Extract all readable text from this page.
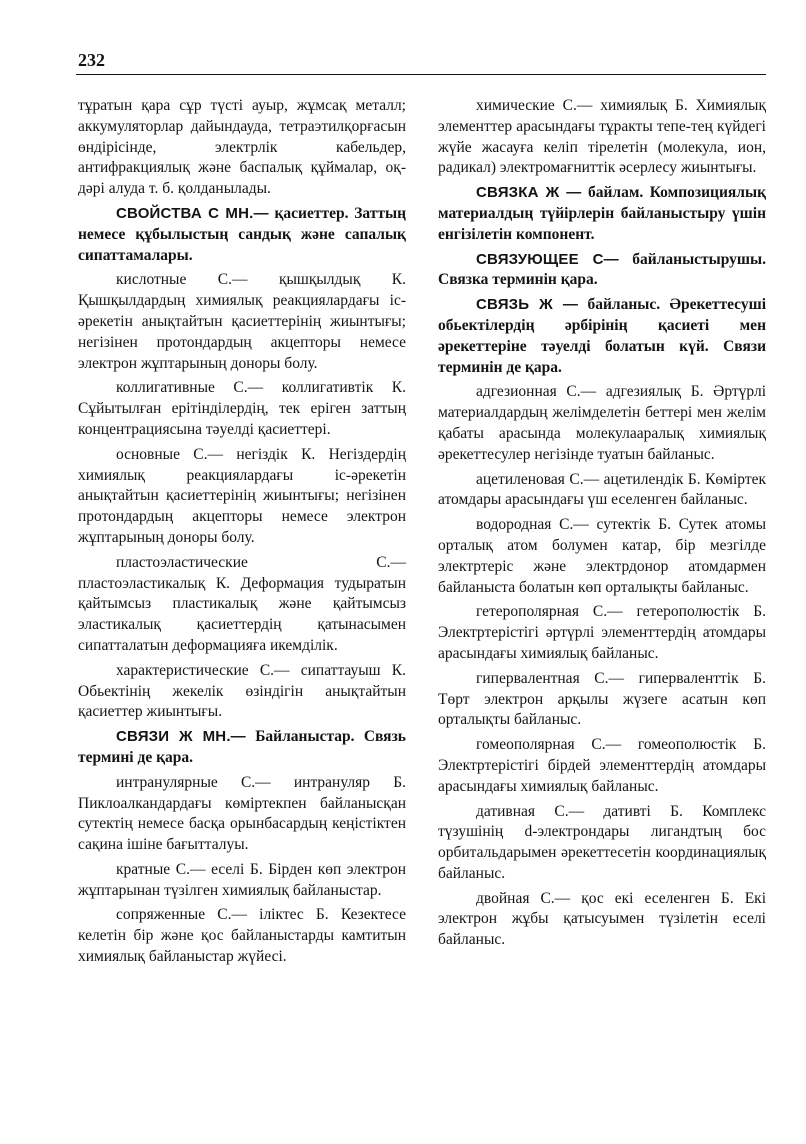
232

тұратын қара сұр түсті ауыр, жұмсақ металл; аккумуляторлар дайындауда, тетраэтилқорғасын өндірісінде, электрлік кабельдер, антифракциялық және баспалық құймалар, оқ-дәрі алуда т. б. қолданылады.

СВОЙСТВА С МН.— қасиеттер. Заттың немесе құбылыстың сандық және сапалық сипаттамалары.

кислотные С.— қышқылдық К. Қышқылдардың химиялық реакциялардағы іс-әрекетін анықтайтын қасиеттерінің жиынтығы; негізінен протондардың акцепторы немесе электрон жұптарының доноры болу.

коллигативные С.— коллигативтік К. Сұйытылған ерітінділердің, тек еріген заттың концентрациясына тәуелді қасиеттері.

основные С.— негіздік К. Негіздердің химиялық реакциялардағы іс-әрекетін анықтайтын қасиеттерінің жиынтығы; негізінен протондардың акцепторы немесе электрон жұптарының доноры болу.

пластоэластические С.— пластоэластикалық К. Деформация тудыратын қайтымсыз пластикалық және қайтымсыз эластикалық қасиеттердің қатынасымен сипатталатын деформацияға икемділік.

характеристические С.— сипаттауыш К. Обьектінің жекелік өзіндігін анықтайтын қасиеттер жиынтығы.

СВЯЗИ Ж МН.— Байланыстар. Связь термині де қара.

интранулярные С.— интрануляр Б. Пиклоалкандардағы көміртекпен байланысқан сутектің немесе басқа орынбасардың кеңістіктен сақина ішіне бағытталуы.

кратные С.— еселі Б. Бірден көп электрон жұптарынан түзілген химиялық байланыстар.

сопряженные С.— іліктес Б. Кезектесе келетін бір және қос байланыстарды камтитын химиялық байланыстар жүйесі.

химические С.— химиялық Б. Химиялық элементтер арасындағы тұракты тепе-тең күйдегі жүйе жасауға келіп тірелетін (молекула, ион, радикал) электромағниттік әсерлесу жиынтығы.

СВЯЗКА Ж — байлам. Композициялық материалдың түйірлерін байланыстыру үшін енгізілетін компонент.

СВЯЗУЮЩЕЕ С— байланыстырушы. Связка терминін қара.

СВЯЗЬ Ж — байланыс. Әрекеттесуші обьектілердің әрбірінің қасиеті мен әрекеттеріне тәуелді болатын күй. Связи терминін де қара.

адгезионная С.— адгезиялық Б. Әртүрлі материалдардың желімделетін беттері мен желім қабаты арасында молекулааралық химиялық әрекеттесулер негізінде туатын байланыс.

ацетиленовая С.— ацетилендік Б. Көміртек атомдары арасындағы үш еселенген байланыс.

водородная С.— сутектік Б. Сутек атомы орталық атом болумен катар, бір мезгілде электртеріс және электрдонор атомдармен байланыста болатын көп орталықты байланыс.

гетерополярная С.— гетерополюстік Б. Электртерістігі әртүрлі элементтердің атомдары арасындағы химиялық байланыс.

гипервалентная С.— гиперваленттік Б. Төрт электрон арқылы жүзеге асатын көп орталықты байланыс.

гомеополярная С.— гомеополюстік Б. Электртерістігі бірдей элементтердің атомдары арасындағы химиялық байланыс.

дативная С.— дативті Б. Комплекс түзушінің d-электрондары лигандтың бос орбитальдарымен әрекеттесетін координациялық байланыс.

двойная С.— қос екі еселенген Б. Екі электрон жұбы қатысуымен түзілетін еселі байланыс.
